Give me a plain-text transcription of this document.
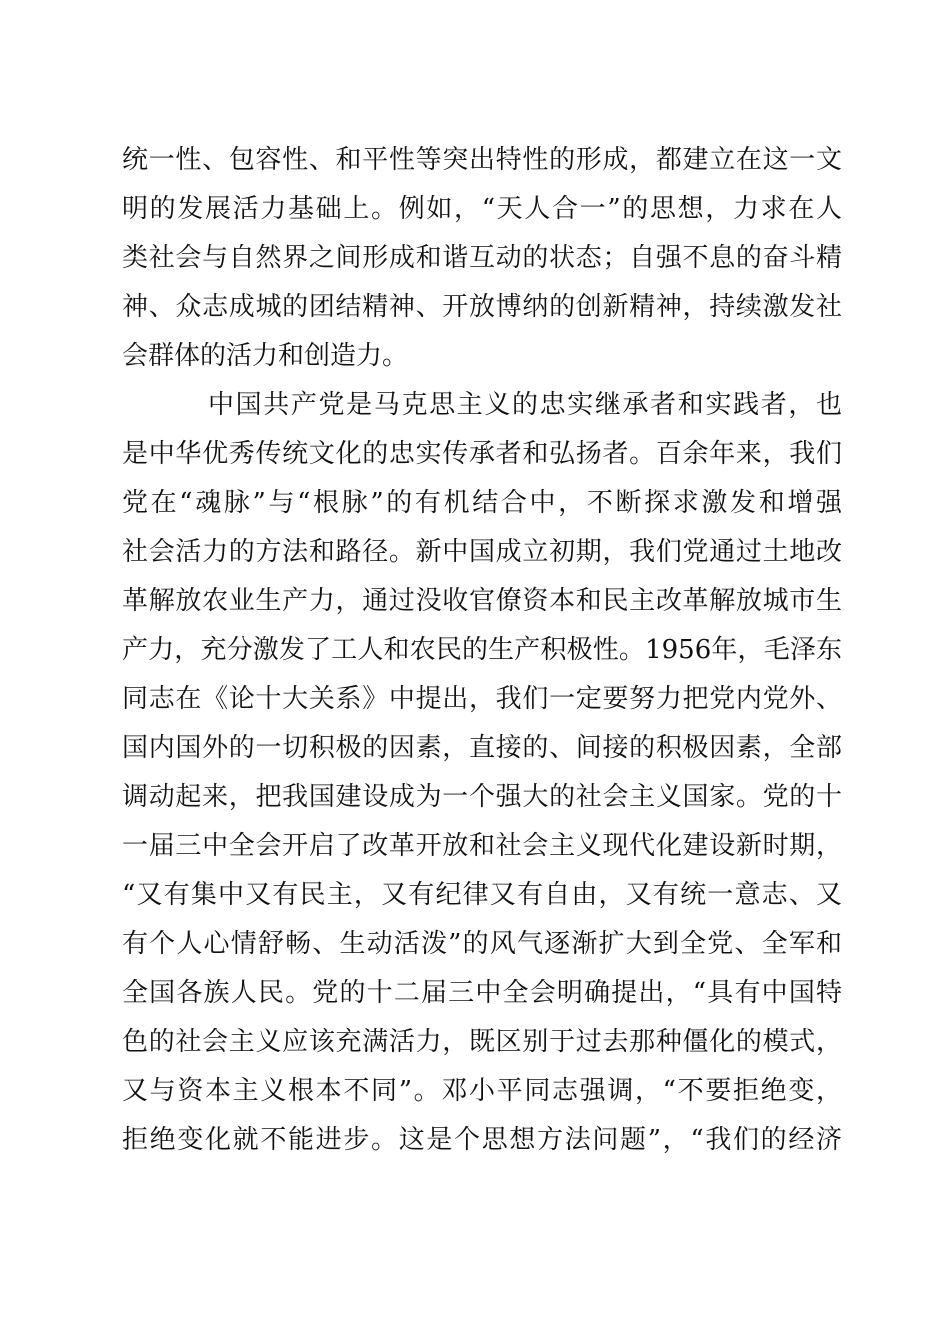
统一性、包容性、和平性等突出特性的形成，都建立在这一文
明的发展活力基础上。例如，“天人合一”的思想，力求在人
类社会与自然界之间形成和谐互动的状态；自强不息的奋斗精
神、众志成城的团结精神、开放博纳的创新精神，持续激发社
会群体的活力和创造力。
中国共产党是马克思主义的忠实继承者和实践者，也
是中华优秀传统文化的忠实传承者和弘扬者。百余年来，我们
党在“魂脉”与“根脉”的有机结合中，不断探求激发和增强
社会活力的方法和路径。新中国成立初期，我们党通过土地改
革解放农业生产力，通过没收官僚资本和民主改革解放城市生
产力，充分激发了工人和农民的生产积极性。1956年，毛泽东
同志在《论十大关系》中提出，我们一定要努力把党内党外、
国内国外的一切积极的因素，直接的、间接的积极因素，全部
调动起来，把我国建设成为一个强大的社会主义国家。党的十
一届三中全会开启了改革开放和社会主义现代化建设新时期，
“又有集中又有民主，又有纪律又有自由，又有统一意志、又
有个人心情舒畅、生动活泼”的风气逐渐扩大到全党、全军和
全国各族人民。党的十二届三中全会明确提出，“具有中国特
色的社会主义应该充满活力，既区别于过去那种僵化的模式，
又与资本主义根本不同”。邓小平同志强调，“不要拒绝变，
拒绝变化就不能进步。这是个思想方法问题”，“我们的经济
